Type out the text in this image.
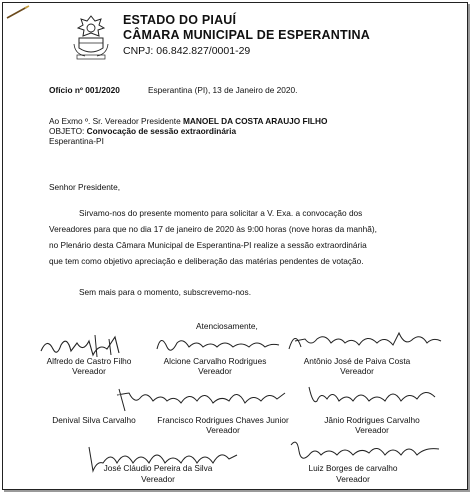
ESTADO DO PIAUÍ
CÂMARA MUNICIPAL DE ESPERANTINA
CNPJ: 06.842.827/0001-29
Ofício nº 001/2020	Esperantina (PI), 13 de Janeiro de 2020.
Ao Exmo º. Sr. Vereador Presidente MANOEL DA COSTA ARAUJO FILHO
OBJETO: Convocação de sessão extraordinária
Esperantina-PI
Senhor Presidente,
Sirvamo-nos do presente momento para solicitar a V. Exa. a convocação dos
Vereadores para que no dia 17 de janeiro de 2020 às 9:00 horas (nove horas da manhã),
no Plenário desta Câmara Municipal de Esperantina-PI realize a sessão extraordinária
que tem como objetivo apreciação e deliberação das matérias pendentes de votação.
Sem mais para o momento, subscrevemo-nos.
Atenciosamente,
Alfredo de Castro Filho
Vereador
Alcione Carvalho Rodrigues
Vereador
Antônio José de Paiva Costa
Vereador
Denival Silva Carvalho	Francisco Rodrigues Chaves Junior
Vereador
Jânio Rodrigues Carvalho
Vereador
José Cláudio Pereira da Silva
Vereador
Luiz Borges de carvalho
Vereador
